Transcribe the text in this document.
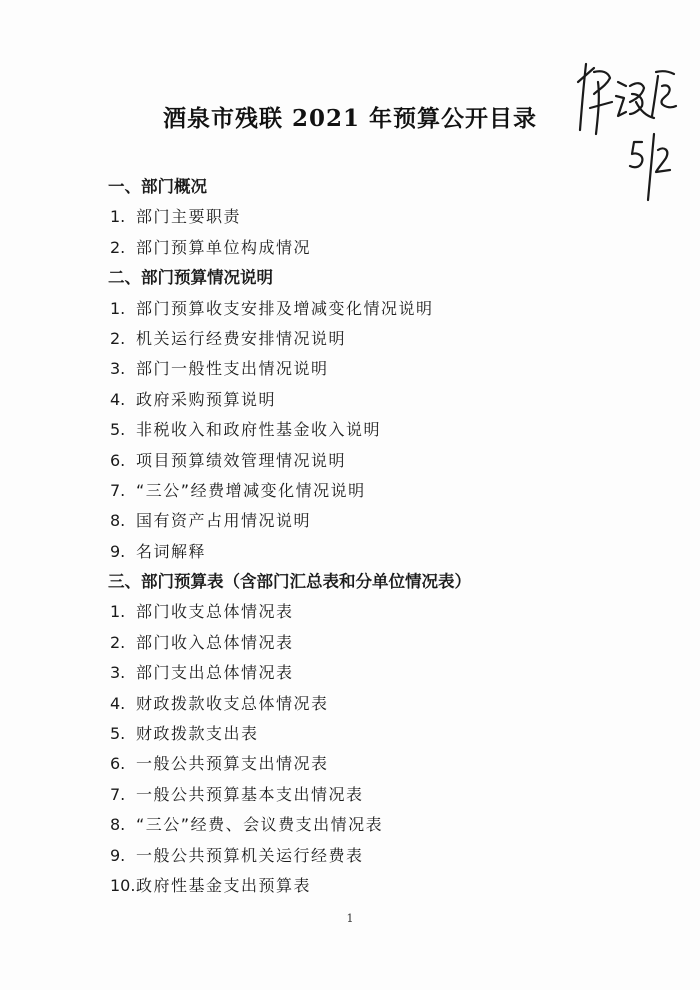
酒泉市残联 2021 年预算公开目录
一、部门概况
1. 部门主要职责
2. 部门预算单位构成情况
二、部门预算情况说明
1. 部门预算收支安排及增减变化情况说明
2. 机关运行经费安排情况说明
3. 部门一般性支出情况说明
4. 政府采购预算说明
5. 非税收入和政府性基金收入说明
6. 项目预算绩效管理情况说明
7. “三公”经费增减变化情况说明
8. 国有资产占用情况说明
9. 名词解释
三、部门预算表（含部门汇总表和分单位情况表）
1. 部门收支总体情况表
2. 部门收入总体情况表
3. 部门支出总体情况表
4. 财政拨款收支总体情况表
5. 财政拨款支出表
6. 一般公共预算支出情况表
7. 一般公共预算基本支出情况表
8. “三公”经费、会议费支出情况表
9. 一般公共预算机关运行经费表
10.政府性基金支出预算表
1
